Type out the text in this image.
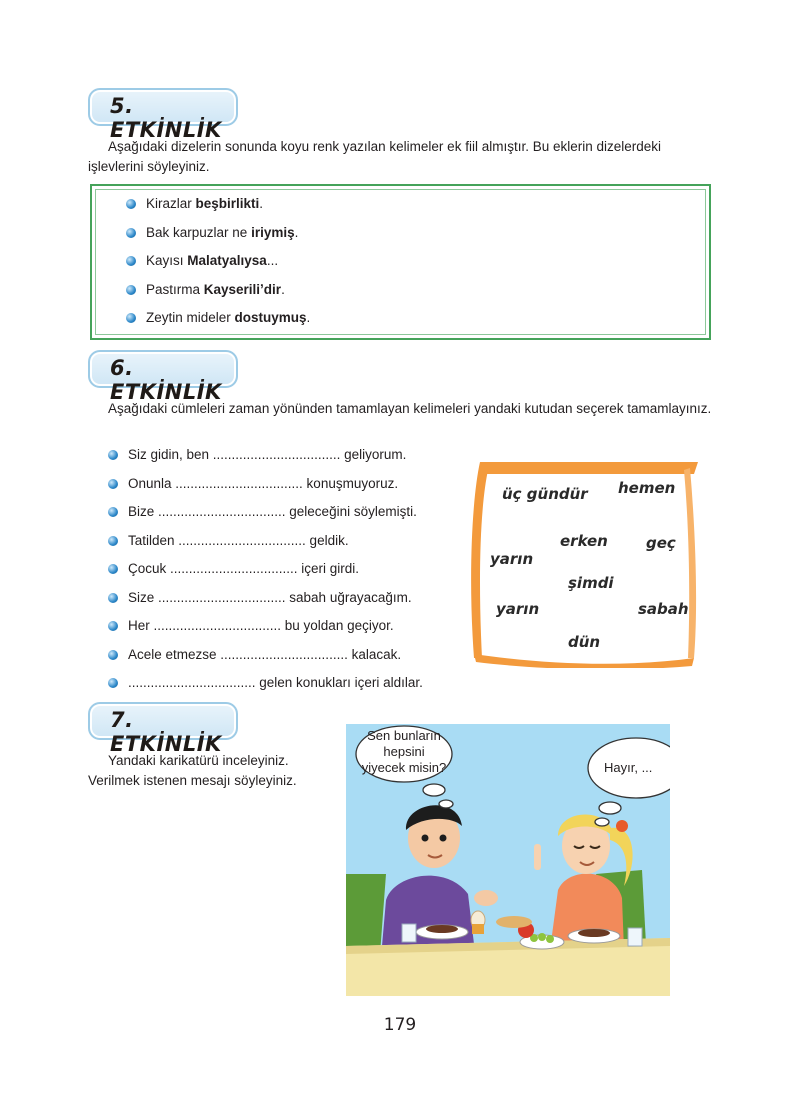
5. ETKİNLİK
Aşağıdaki dizelerin sonunda koyu renk yazılan kelimeler ek fiil almıştır. Bu eklerin dizelerdeki işlevlerini söyleyiniz.
Kirazlar beşbirlikti.
Bak karpuzlar ne iriymiş.
Kayısı Malatyalıysa...
Pastırma Kayseriliʼdir.
Zeytin mideler dostuymuş.
6. ETKİNLİK
Aşağıdaki cümleleri zaman yönünden tamamlayan kelimeleri yandaki kutudan seçerek tamamlayınız.
Siz gidin, ben .................................. geliyorum.
Onunla .................................. konuşmuyoruz.
Bize .................................. geleceğini söylemişti.
Tatilden .................................. geldik.
Çocuk .................................. içeri girdi.
Size .................................. sabah uğrayacağım.
Her .................................. bu yoldan geçiyor.
Acele etmezse .................................. kalacak.
.................................. gelen konukları içeri aldılar.
üç gündür hemen
erken	geç
yarın
şimdi
yarın	sabah
dün
7. ETKİNLİK
Yandaki karikatürü inceleyiniz.
Verilmek istenen mesajı söyleyiniz.
Sen bunların
hepsini
yiyecek misin?	Hayır, ...
179
